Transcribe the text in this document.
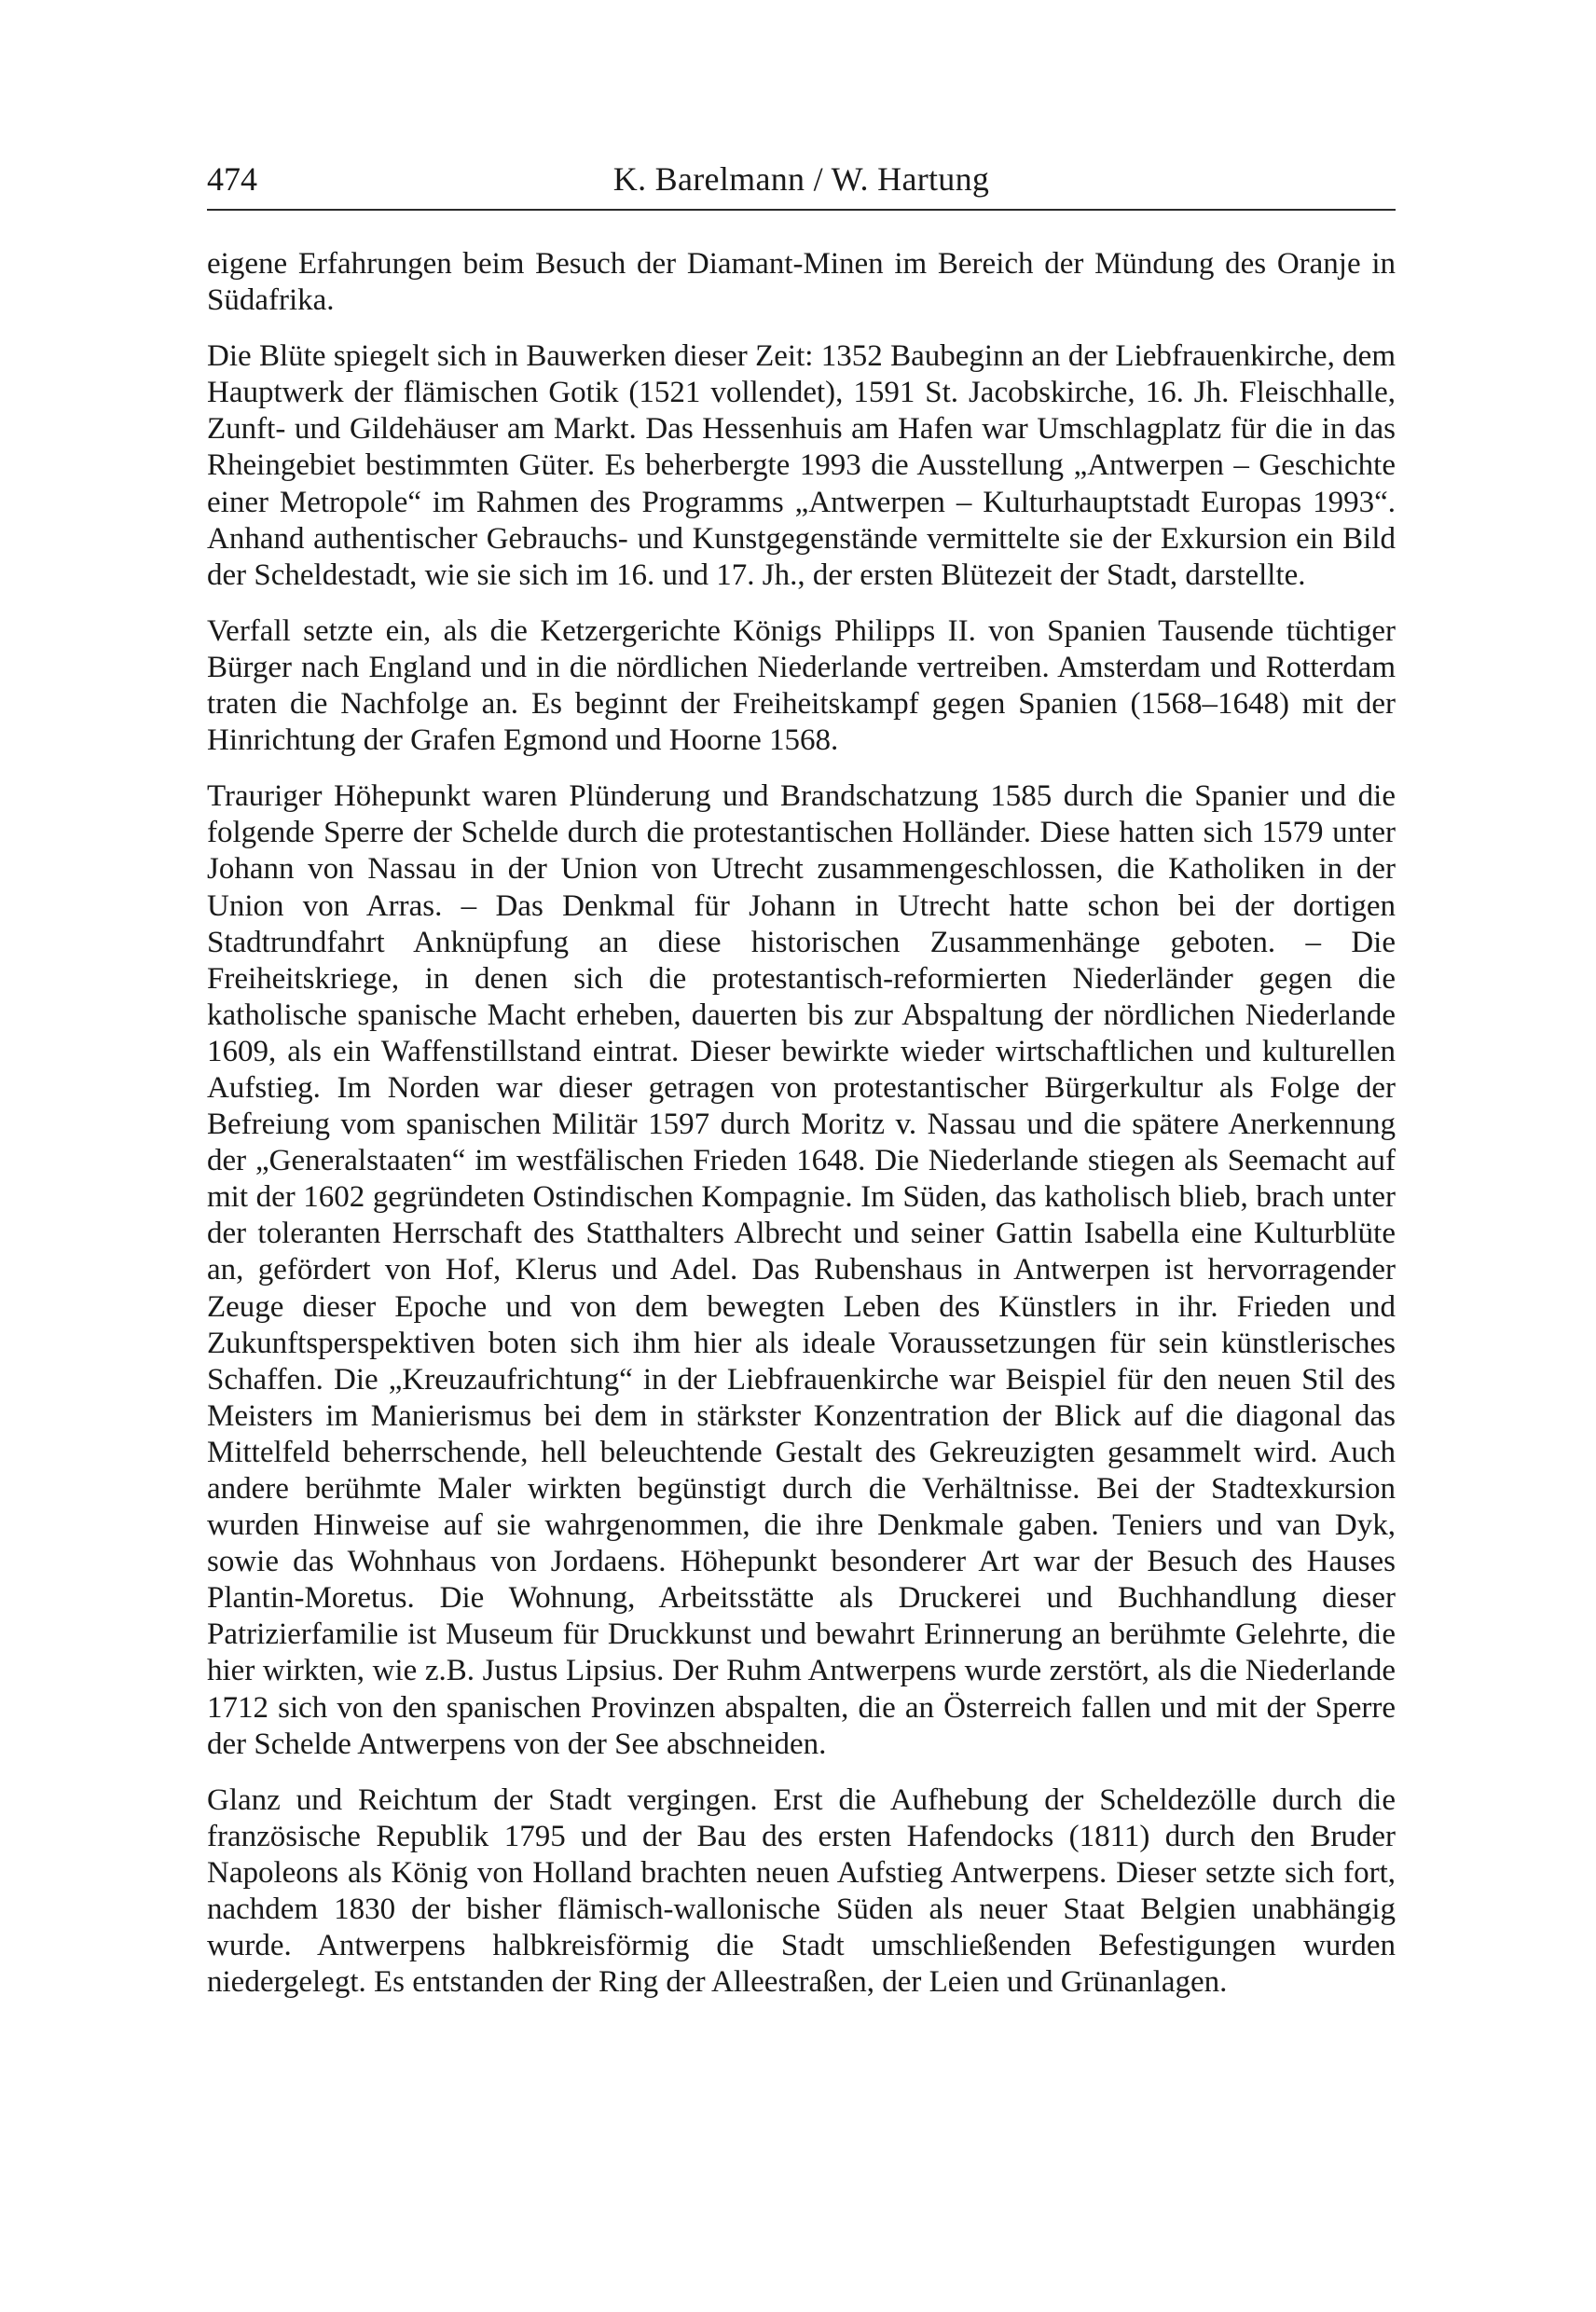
474	K. Barelmann / W. Hartung

eigene Erfahrungen beim Besuch der Diamant-Minen im Bereich der Mündung des Oranje in Südafrika.

Die Blüte spiegelt sich in Bauwerken dieser Zeit: 1352 Baubeginn an der Liebfrauenkirche, dem Hauptwerk der flämischen Gotik (1521 vollendet), 1591 St. Jacobskirche, 16. Jh. Fleischhalle, Zunft- und Gildehäuser am Markt. Das Hessenhuis am Hafen war Umschlagplatz für die in das Rheingebiet bestimmten Güter. Es beherbergte 1993 die Ausstellung „Antwerpen – Geschichte einer Metropole“ im Rahmen des Programms „Antwerpen – Kulturhauptstadt Europas 1993“. Anhand authentischer Gebrauchs- und Kunstgegenstände vermittelte sie der Exkursion ein Bild der Scheldestadt, wie sie sich im 16. und 17. Jh., der ersten Blütezeit der Stadt, darstellte.

Verfall setzte ein, als die Ketzergerichte Königs Philipps II. von Spanien Tausende tüchtiger Bürger nach England und in die nördlichen Niederlande vertreiben. Amsterdam und Rotterdam traten die Nachfolge an. Es beginnt der Freiheitskampf gegen Spanien (1568–1648) mit der Hinrichtung der Grafen Egmond und Hoorne 1568.

Trauriger Höhepunkt waren Plünderung und Brandschatzung 1585 durch die Spanier und die folgende Sperre der Schelde durch die protestantischen Holländer. Diese hatten sich 1579 unter Johann von Nassau in der Union von Utrecht zusammengeschlossen, die Katholiken in der Union von Arras. – Das Denkmal für Johann in Utrecht hatte schon bei der dortigen Stadtrundfahrt Anknüpfung an diese historischen Zusammenhänge geboten. – Die Freiheitskriege, in denen sich die protestantisch-reformierten Niederländer gegen die katholische spanische Macht erheben, dauerten bis zur Abspaltung der nördlichen Niederlande 1609, als ein Waffenstillstand eintrat. Dieser bewirkte wieder wirtschaftlichen und kulturellen Aufstieg. Im Norden war dieser getragen von protestantischer Bürgerkultur als Folge der Befreiung vom spanischen Militär 1597 durch Moritz v. Nassau und die spätere Anerkennung der „Generalstaaten“ im westfälischen Frieden 1648. Die Niederlande stiegen als Seemacht auf mit der 1602 gegründeten Ostindischen Kompagnie. Im Süden, das katholisch blieb, brach unter der toleranten Herrschaft des Statthalters Albrecht und seiner Gattin Isabella eine Kulturblüte an, gefördert von Hof, Klerus und Adel. Das Rubenshaus in Antwerpen ist hervorragender Zeuge dieser Epoche und von dem bewegten Leben des Künstlers in ihr. Frieden und Zukunftsperspektiven boten sich ihm hier als ideale Voraussetzungen für sein künstlerisches Schaffen. Die „Kreuzaufrichtung“ in der Liebfrauenkirche war Beispiel für den neuen Stil des Meisters im Manierismus bei dem in stärkster Konzentration der Blick auf die diagonal das Mittelfeld beherrschende, hell beleuchtende Gestalt des Gekreuzigten gesammelt wird. Auch andere berühmte Maler wirkten begünstigt durch die Verhältnisse. Bei der Stadtexkursion wurden Hinweise auf sie wahrgenommen, die ihre Denkmale gaben. Teniers und van Dyk, sowie das Wohnhaus von Jordaens. Höhepunkt besonderer Art war der Besuch des Hauses Plantin-Moretus. Die Wohnung, Arbeitsstätte als Druckerei und Buchhandlung dieser Patrizierfamilie ist Museum für Druckkunst und bewahrt Erinnerung an berühmte Gelehrte, die hier wirkten, wie z.B. Justus Lipsius. Der Ruhm Antwerpens wurde zerstört, als die Niederlande 1712 sich von den spanischen Provinzen abspalten, die an Österreich fallen und mit der Sperre der Schelde Antwerpens von der See abschneiden.

Glanz und Reichtum der Stadt vergingen. Erst die Aufhebung der Scheldezölle durch die französische Republik 1795 und der Bau des ersten Hafendocks (1811) durch den Bruder Napoleons als König von Holland brachten neuen Aufstieg Antwerpens. Dieser setzte sich fort, nachdem 1830 der bisher flämisch-wallonische Süden als neuer Staat Belgien unabhängig wurde. Antwerpens halbkreisförmig die Stadt umschließenden Befestigungen wurden niedergelegt. Es entstanden der Ring der Alleestraßen, der Leien und Grünanlagen.
